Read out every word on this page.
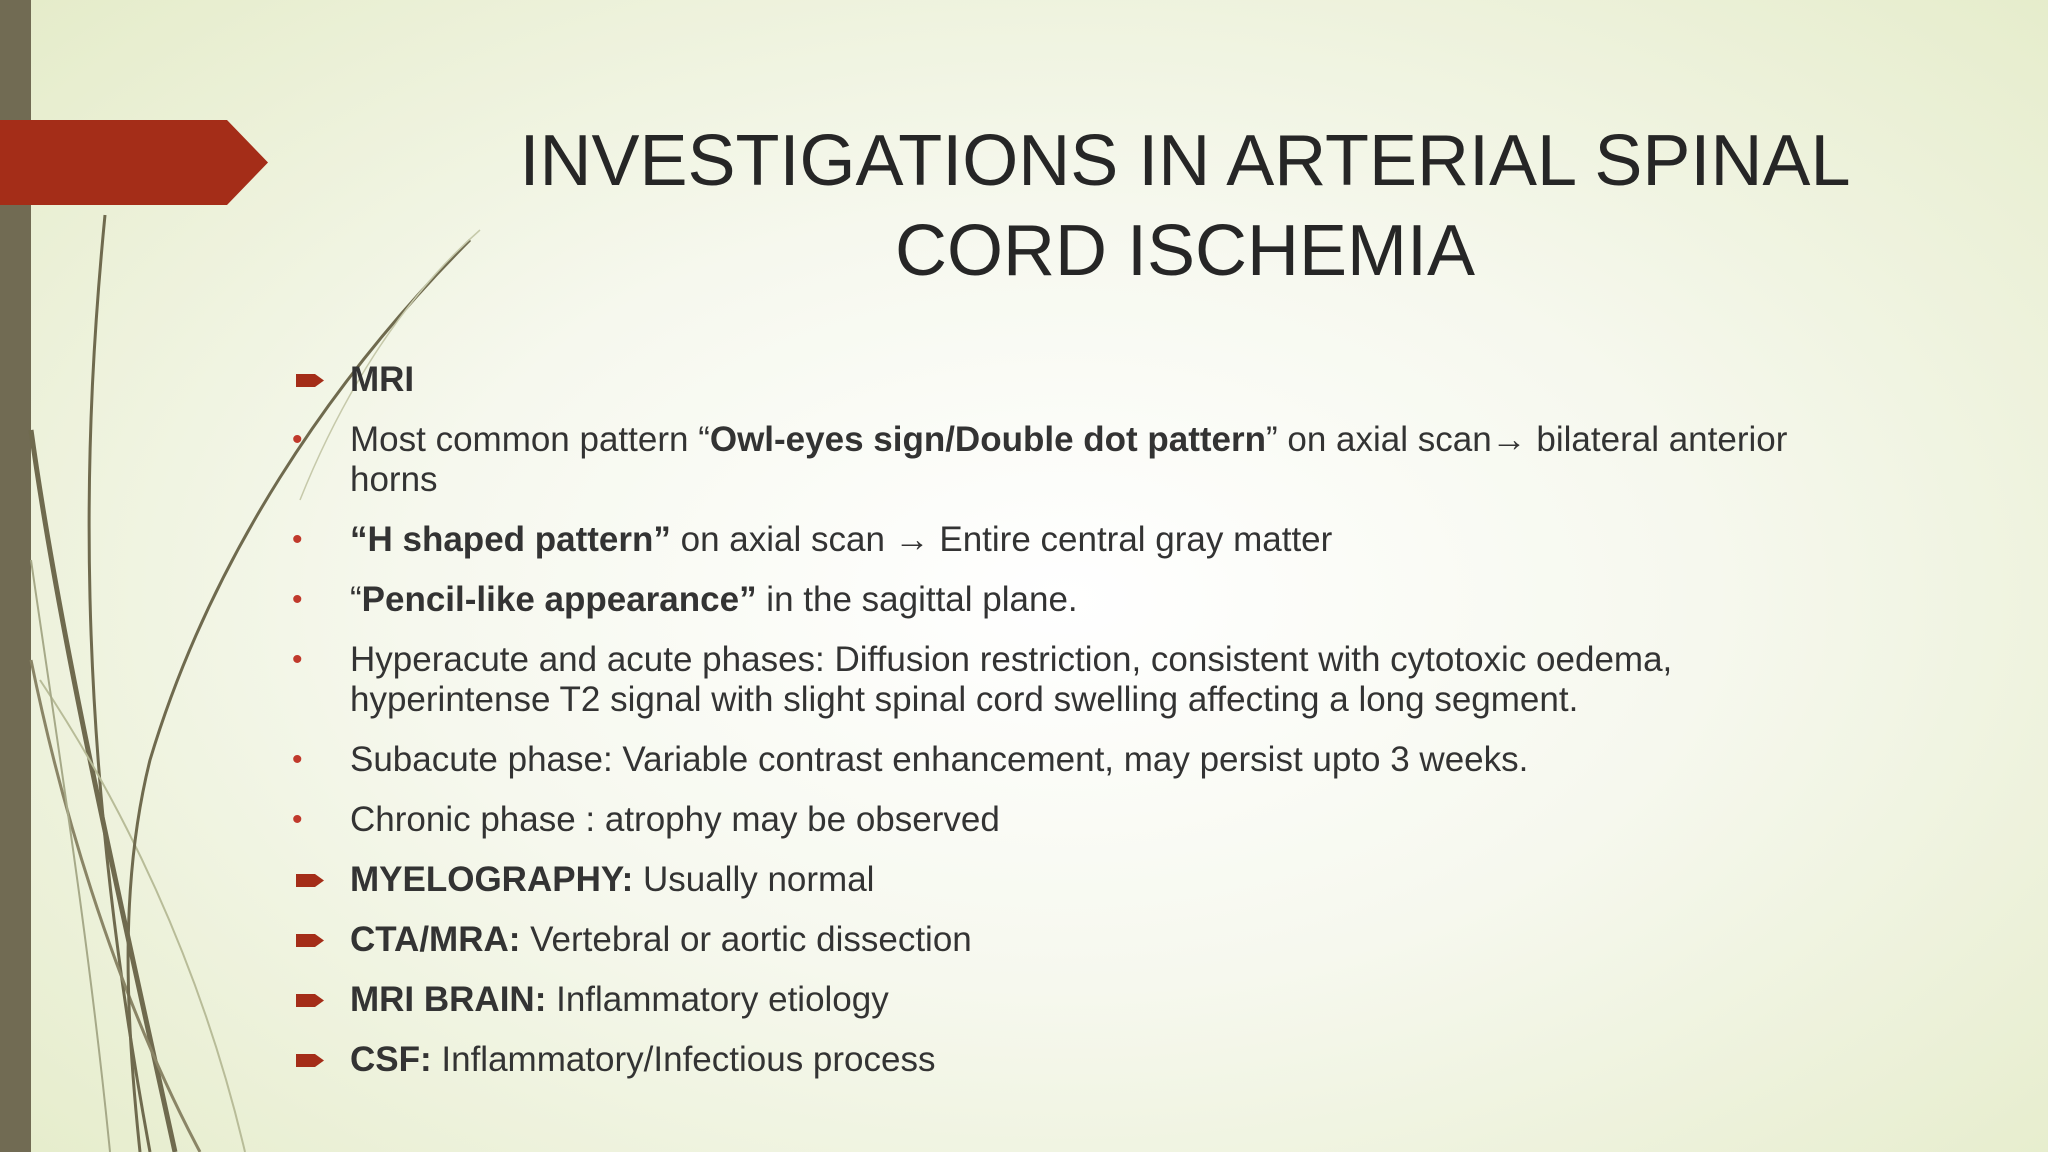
INVESTIGATIONS IN ARTERIAL SPINAL
CORD ISCHEMIA
MRI
• Most common pattern “Owl-eyes sign/Double dot pattern” on axial scan→ bilateral anterior horns
• “H shaped pattern” on axial scan → Entire central gray matter
• “Pencil-like appearance” in the sagittal plane.
• Hyperacute and acute phases: Diffusion restriction, consistent with cytotoxic oedema, hyperintense T2 signal with slight spinal cord swelling affecting a long segment.
• Subacute phase: Variable contrast enhancement, may persist upto 3 weeks.
• Chronic phase : atrophy may be observed
MYELOGRAPHY: Usually normal
CTA/MRA: Vertebral or aortic dissection
MRI BRAIN: Inflammatory etiology
CSF: Inflammatory/Infectious process
